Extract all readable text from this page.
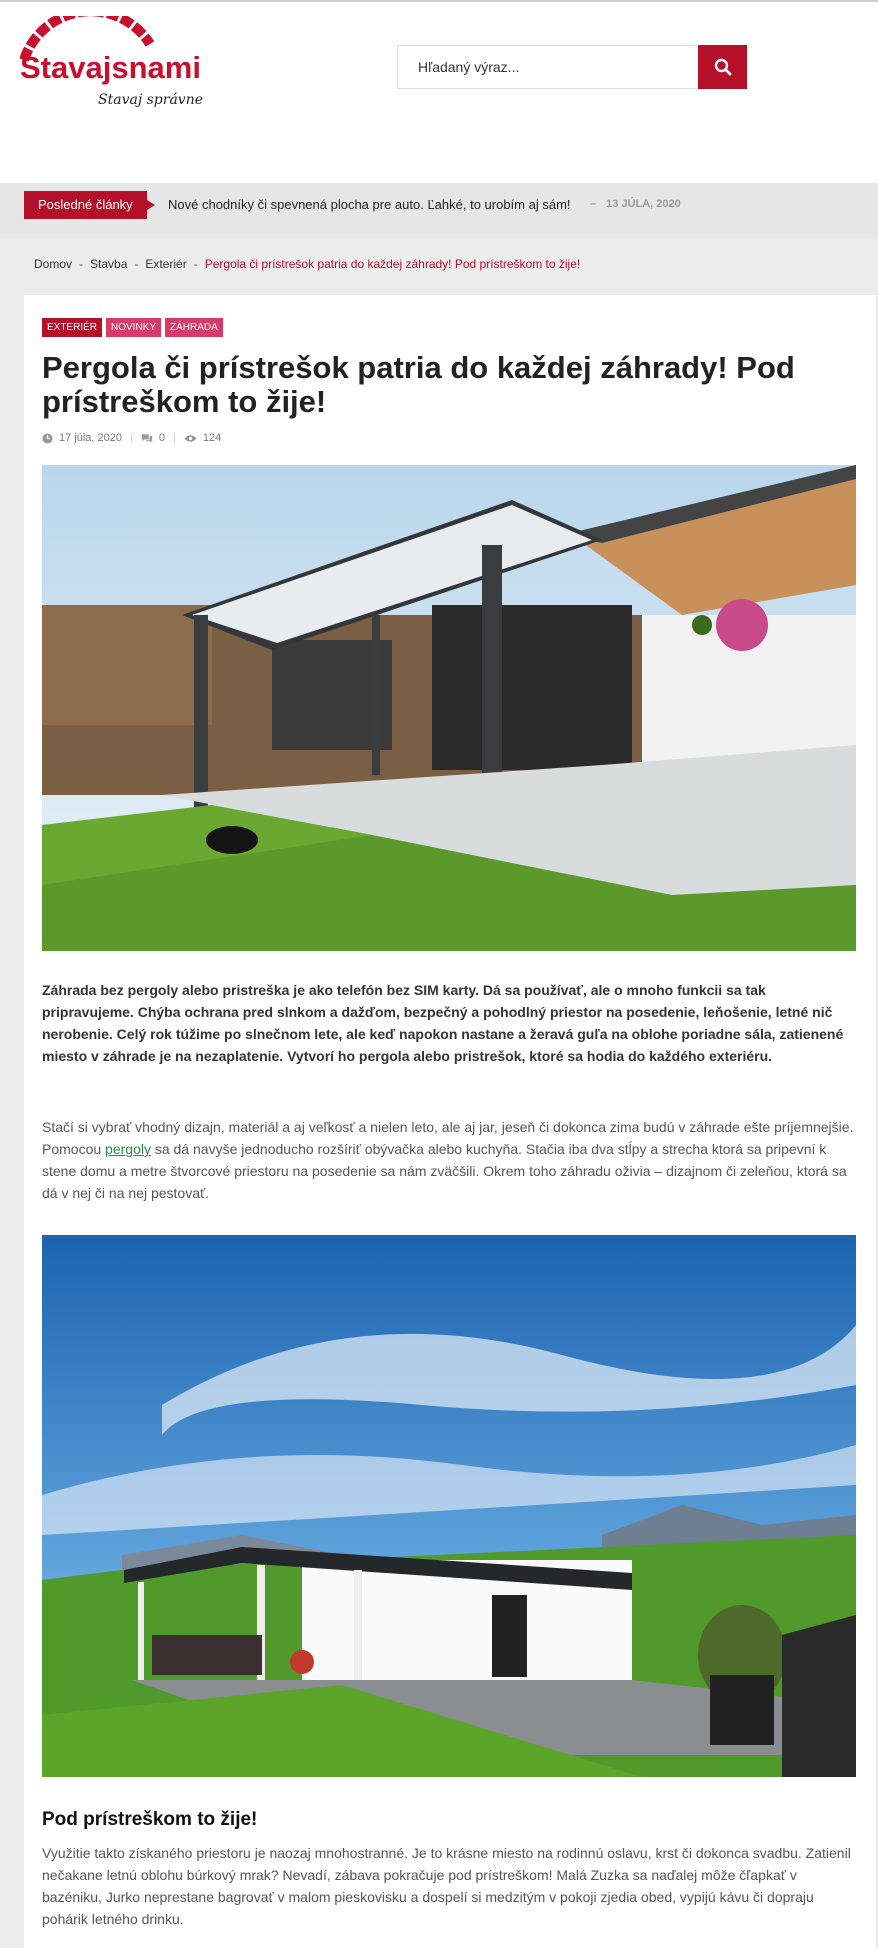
Stavajsnami
Stavaj správne
Hľadaný výraz...
Posledné články	Nové chodníky či spevnená plocha pre auto. Ľahké, to urobím aj sám! – 13 JÚLA, 2020
Domov - Stavba - Exteriér - Pergola či prístrešok patria do každej záhrady! Pod prístreškom to žije!
EXTERIÉR	NOVINKY	ZÁHRADA
Pergola či prístrešok patria do každej záhrady! Pod prístreškom to žije!
17 júla, 2020 | 0 | 124

Záhrada bez pergoly alebo pristreška je ako telefón bez SIM karty. Dá sa používať, ale o mnoho funkcii sa tak pripravujeme. Chýba ochrana pred slnkom a dažďom, bezpečný a pohodlný priestor na posedenie, leňošenie, letné nič nerobenie. Celý rok túžime po slnečnom lete, ale keď napokon nastane a žeravá guľa na oblohe poriadne sála, zatienené miesto v záhrade je na nezaplatenie. Vytvorí ho pergola alebo pristrešok, ktoré sa hodia do každého exteriéru.

Stačí si vybrať vhodný dizajn, materiál a aj veľkosť a nielen leto, ale aj jar, jeseň či dokonca zima budú v záhrade ešte príjemnejšie. Pomocou pergoly sa dá navyše jednoducho rozšíriť obývačka alebo kuchyňa. Stačia iba dva stĺpy a strecha ktorá sa pripevní k stene domu a metre štvorcové priestoru na posedenie sa nám zväčšili. Okrem toho záhradu oživia – dizajnom či zeleňou, ktorá sa dá v nej či na nej pestovať.

Pod prístreškom to žije!

Využitie takto získaného priestoru je naozaj mnohostranné. Je to krásne miesto na rodinnú oslavu, krst či dokonca svadbu. Zatienil nečakane letnú oblohu búrkový mrak? Nevadí, zábava pokračuje pod prístreškom! Malá Zuzka sa naďalej môže čľapkať v bazéniku, Jurko neprestane bagrovať v malom pieskovisku a dospelí si medzitým v pokoji zjedia obed, vypijú kávu či dopraju pohárik letného drinku.
